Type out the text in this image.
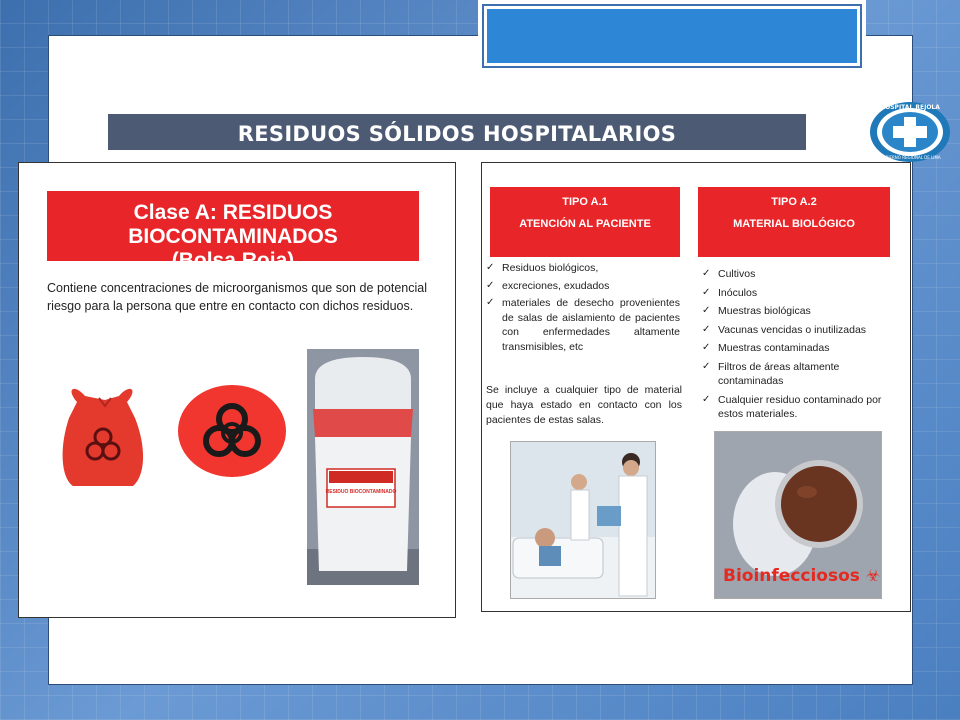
RESIDUOS SÓLIDOS HOSPITALARIOS
HOSPITAL REJOLA
GOBIERNO REGIONAL DE LIMA
Clase A: RESIDUOS BIOCONTAMINADOS
(Bolsa Roja)
Contiene concentraciones de microorganismos que son de potencial riesgo para la persona que entre en contacto con dichos residuos.
RESIDUO BIOCONTAMINADO
TIPO A.1
ATENCIÓN AL PACIENTE
TIPO A.2
MATERIAL BIOLÓGICO
✓ Residuos biológicos,
✓ excreciones, exudados
✓ materiales de desecho provenientes de salas de aislamiento de pacientes con enfermedades altamente transmisibles, etc
Se incluye a cualquier tipo de material que haya estado en contacto con los pacientes de estas salas.
✓ Cultivos
✓ Inóculos
✓ Muestras biológicas
✓ Vacunas vencidas o inutilizadas
✓ Muestras contaminadas
✓ Filtros de áreas altamente contaminadas
✓ Cualquier residuo contaminado por estos materiales.
Bioinfecciosos ☣
